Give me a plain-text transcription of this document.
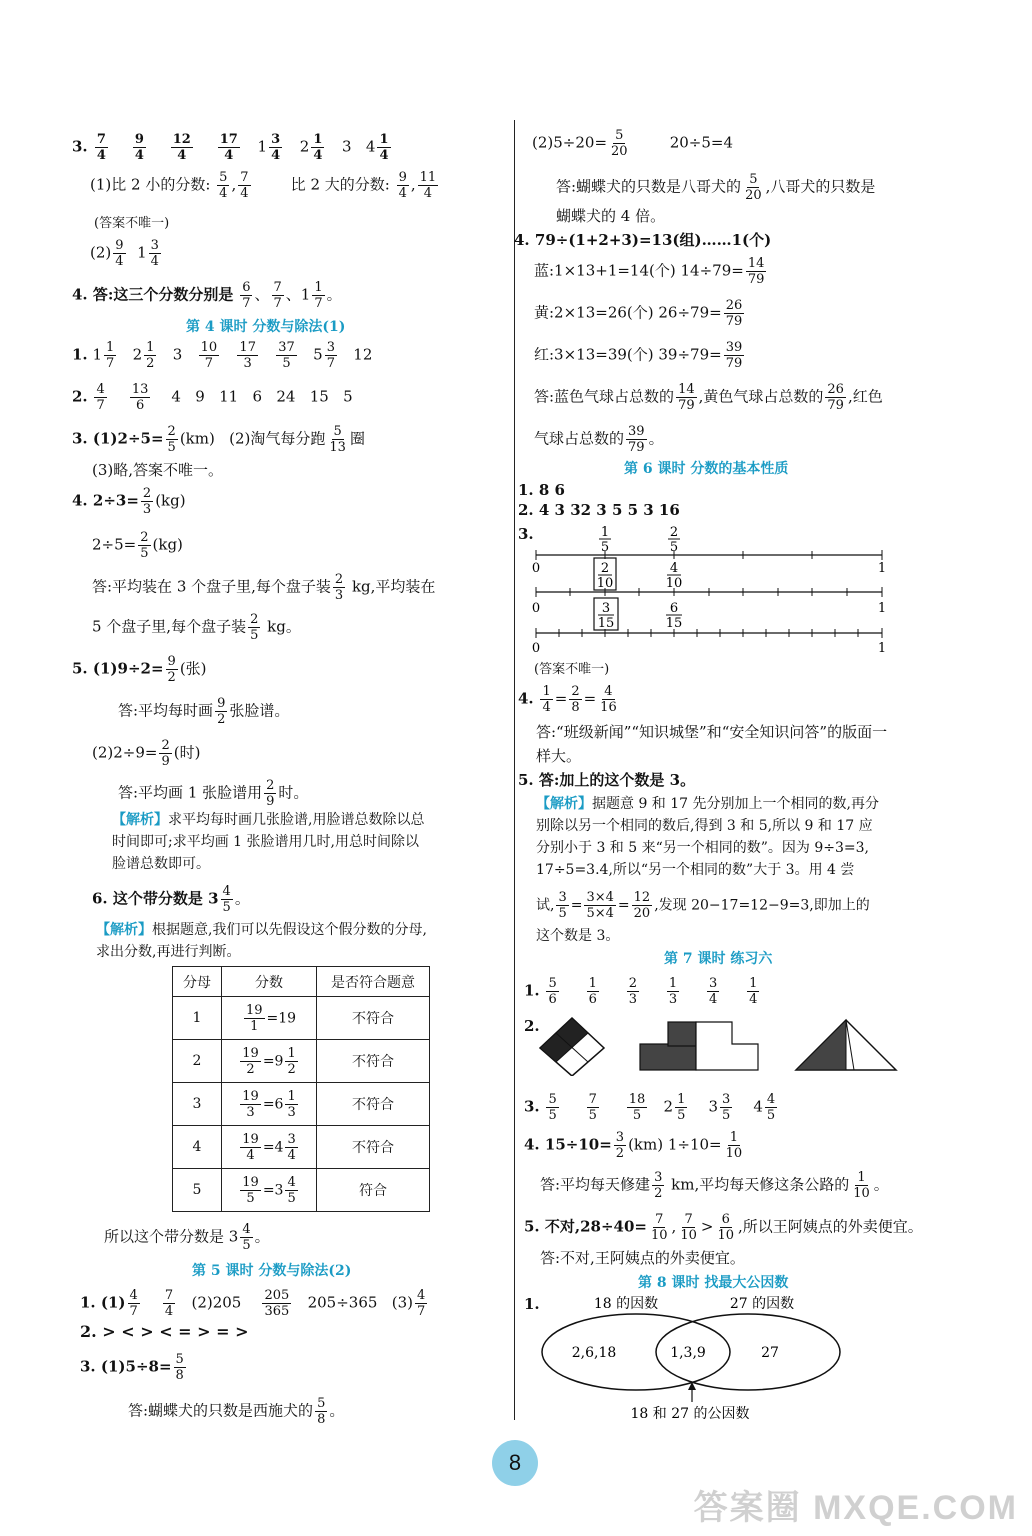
3. $\frac{7}{4}$
$\frac{9}{4}$
$\frac{12}{4}$
$\frac{17}{4} 1 \frac{3}{4} 2 \frac{1}{4} 3$   $4 \frac{1}{4}$
(1)比 2 小的分数: $\frac{5}{4}$ , $\frac{7}{4}$	比 2 大的分数: $\frac{9}{4}$ , $\frac{11}{4}$
(答案不唯一)
$(2) \frac{9}{4} 1 \frac{3}{4}$
4. 答:这三个分数分别是 $\frac{6}{7}$ 、 $\frac{7}{7}$ 、$1 \frac{1}{7}$ 。
第 4 课时 分数与除法(1)
1. $1 \frac{1}{7} 2 \frac{1}{2} 3 \frac{10}{7}$
$\frac{17}{3}$
$\frac{37}{5} 5 \frac{3}{7} 12$
2. $\frac{4}{7}$
$\frac{13}{6} 4$   9   11   6   24   15   5
3. $(1)2\div 5= \frac{2}{5} (km)$ (2)淘气每分跑 $\frac{5}{13}$ 圈
(3)略,答案不唯一。
4. $2\div 3= \frac{2}{3} (kg)$
$2\div 5= \frac{2}{5} (kg)$
答:平均装在 3 个盘子里,每个盘子装 $\frac{2}{3}$ kg,平均装在
5 个盘子里,每个盘子装 $\frac{2}{5}$ kg。
5. $(1)9\div 2= \frac{9}{2}$ (张)
答:平均每时画 $\frac{9}{2}$ 张脸谱。
$(2)2\div 9= \frac{2}{9}$ (时)
答:平均画 1 张脸谱用 $\frac{2}{9}$ 时。
【解析】求平均每时画几张脸谱,用脸谱总数除以总
时间即可;求平均画 1 张脸谱用几时,用总时间除以
脸谱总数即可。
6. 这个带分数是 $3 \frac{4}{5}$ 。
【解析】根据题意,我们可以先假设这个假分数的分母,
求出分数,再进行判断。
分母	分数	是否符合题意
1	$\frac{19}{1} =19$	不符合
2	$\frac{19}{2} =9 \frac{1}{2}$	不符合
3	$\frac{19}{3} =6 \frac{1}{3}$	不符合
4	$\frac{19}{4} =4 \frac{3}{4}$	不符合
5	$\frac{19}{5} =3 \frac{4}{5}$	符合
所以这个带分数是 $3 \frac{4}{5}$ 。
第 5 课时 分数与除法(2)
1. $(1) \frac{4}{7}$
$\frac{7}{4} (2)205 \frac{205}{365} 205\div 365$ $(3) \frac{4}{7}$
2. > < > < = > = >
3. $(1)5\div 8= \frac{5}{8}$
答:蝴蝶犬的只数是西施犬的 $\frac{5}{8}$ 。
$(2)5\div 20= \frac{5}{20}$	20÷5=4
答:蝴蝶犬的只数是八哥犬的 $\frac{5}{20}$ ,八哥犬的只数是
蝴蝶犬的 4 倍。
4. 79÷(1+2+3)=13(组)……1(个)
蓝:1×13+1=14(个) $14\div 79= \frac{14}{79}$
黄:2×13=26(个) $26\div 79= \frac{26}{79}$
红:3×13=39(个) $39\div 79= \frac{39}{79}$
答:蓝色气球占总数的 $\frac{14}{79}$ ,黄色气球占总数的 $\frac{26}{79}$ ,红色
气球占总数的 $\frac{39}{79}$ 。
第 6 课时 分数的基本性质
1. 8 6
2. 4 3 32 3 5 5 3 16
3.	1
5
2
5
0	1
2
10
4
10
0	1
3
15
6
15
0	1
(答案不唯一)
4. $\frac{1}{4} = \frac{2}{8} = \frac{4}{16}$
答:“班级新闻”“知识城堡”和“安全知识问答”的版面一
样大。
5. 答:加上的这个数是 3。
【解析】据题意 9 和 17 先分别加上一个相同的数,再分
别除以另一个相同的数后,得到 3 和 5,所以 9 和 17 应
分别小于 3 和 5 来“另一个相同的数”。因为 9÷3=3,
17÷5=3.4,所以“另一个相同的数”大于 3。用 4 尝
试, $\frac{3}{5} = \frac{3\times 4}{5\times 4} = \frac{12}{20}$ ,发现 20−17=12−9=3,即加上的
这个数是 3。
第 7 课时 练习六
1. $\frac{5}{6}$
$\frac{1}{6}$
$\frac{2}{3}$
$\frac{1}{3}$
$\frac{3}{4}$
$\frac{1}{4}$
2.
3. $\frac{5}{5}$
$\frac{7}{5}$
$\frac{18}{5} 2 \frac{1}{5} 3 \frac{3}{5} 4 \frac{4}{5}$
4. $15\div 10= \frac{3}{2} (km)$ $1\div 10= \frac{1}{10}$
答:平均每天修建 $\frac{3}{2}$ km,平均每天修这条公路的 $\frac{1}{10}$ 。
5. 不对$,28\div 40= \frac{7}{10}$ , $\frac{7}{10} > \frac{6}{10}$ ,所以王阿姨点的外卖便宜。
答:不对,王阿姨点的外卖便宜。
第 8 课时 找最大公因数
1.	18 的因数	27 的因数
2,6,18	1,3,9	27
18 和 27 的公因数
8
答案圈 MXQE.COM
